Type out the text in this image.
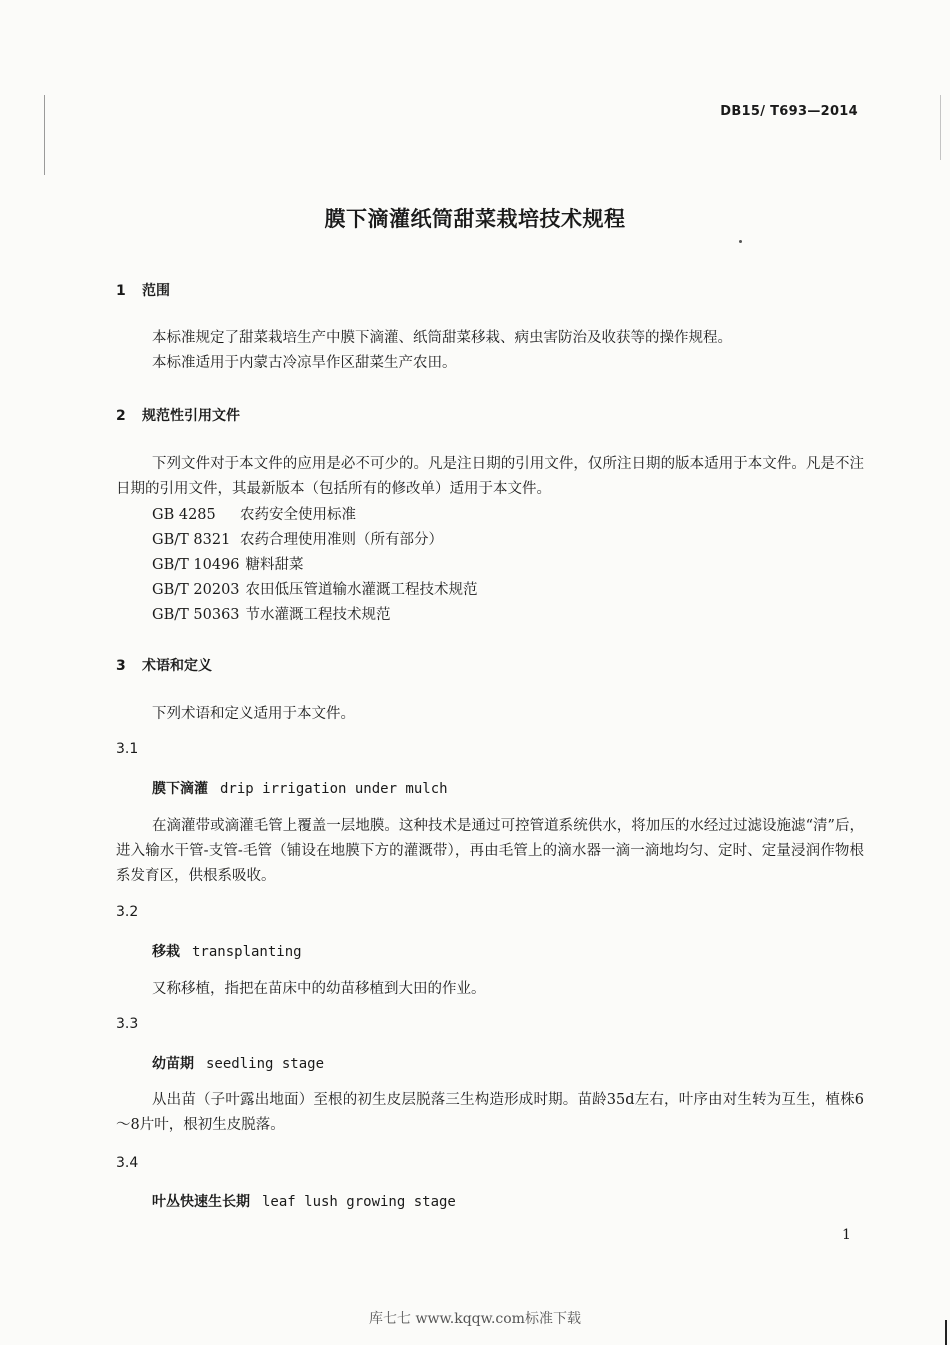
DB15/ T693—2014
膜下滴灌纸筒甜菜栽培技术规程
1 范围
本标准规定了甜菜栽培生产中膜下滴灌、纸筒甜菜移栽、病虫害防治及收获等的操作规程。
本标准适用于内蒙古冷凉旱作区甜菜生产农田。
2 规范性引用文件
下列文件对于本文件的应用是必不可少的。凡是注日期的引用文件，仅所注日期的版本适用于本文件。凡是不注日期的引用文件，其最新版本（包括所有的修改单）适用于本文件。
GB 4285 农药安全使用标准
GB/T 8321 农药合理使用准则（所有部分）
GB/T 10496 糖料甜菜
GB/T 20203 农田低压管道输水灌溉工程技术规范
GB/T 50363 节水灌溉工程技术规范
3 术语和定义
下列术语和定义适用于本文件。
3.1
膜下滴灌 drip irrigation under mulch
在滴灌带或滴灌毛管上覆盖一层地膜。这种技术是通过可控管道系统供水，将加压的水经过过滤设施滤“清”后，进入输水干管-支管-毛管（铺设在地膜下方的灌溉带），再由毛管上的滴水器一滴一滴地均匀、定时、定量浸润作物根系发育区，供根系吸收。
3.2
移栽 transplanting
又称移植，指把在苗床中的幼苗移植到大田的作业。
3.3
幼苗期 seedling stage
从出苗（子叶露出地面）至根的初生皮层脱落三生构造形成时期。苗龄35d左右，叶序由对生转为互生，植株6～8片叶，根初生皮脱落。
3.4
叶丛快速生长期 leaf lush growing stage
1
库七七 www.kqqw.com标准下载
